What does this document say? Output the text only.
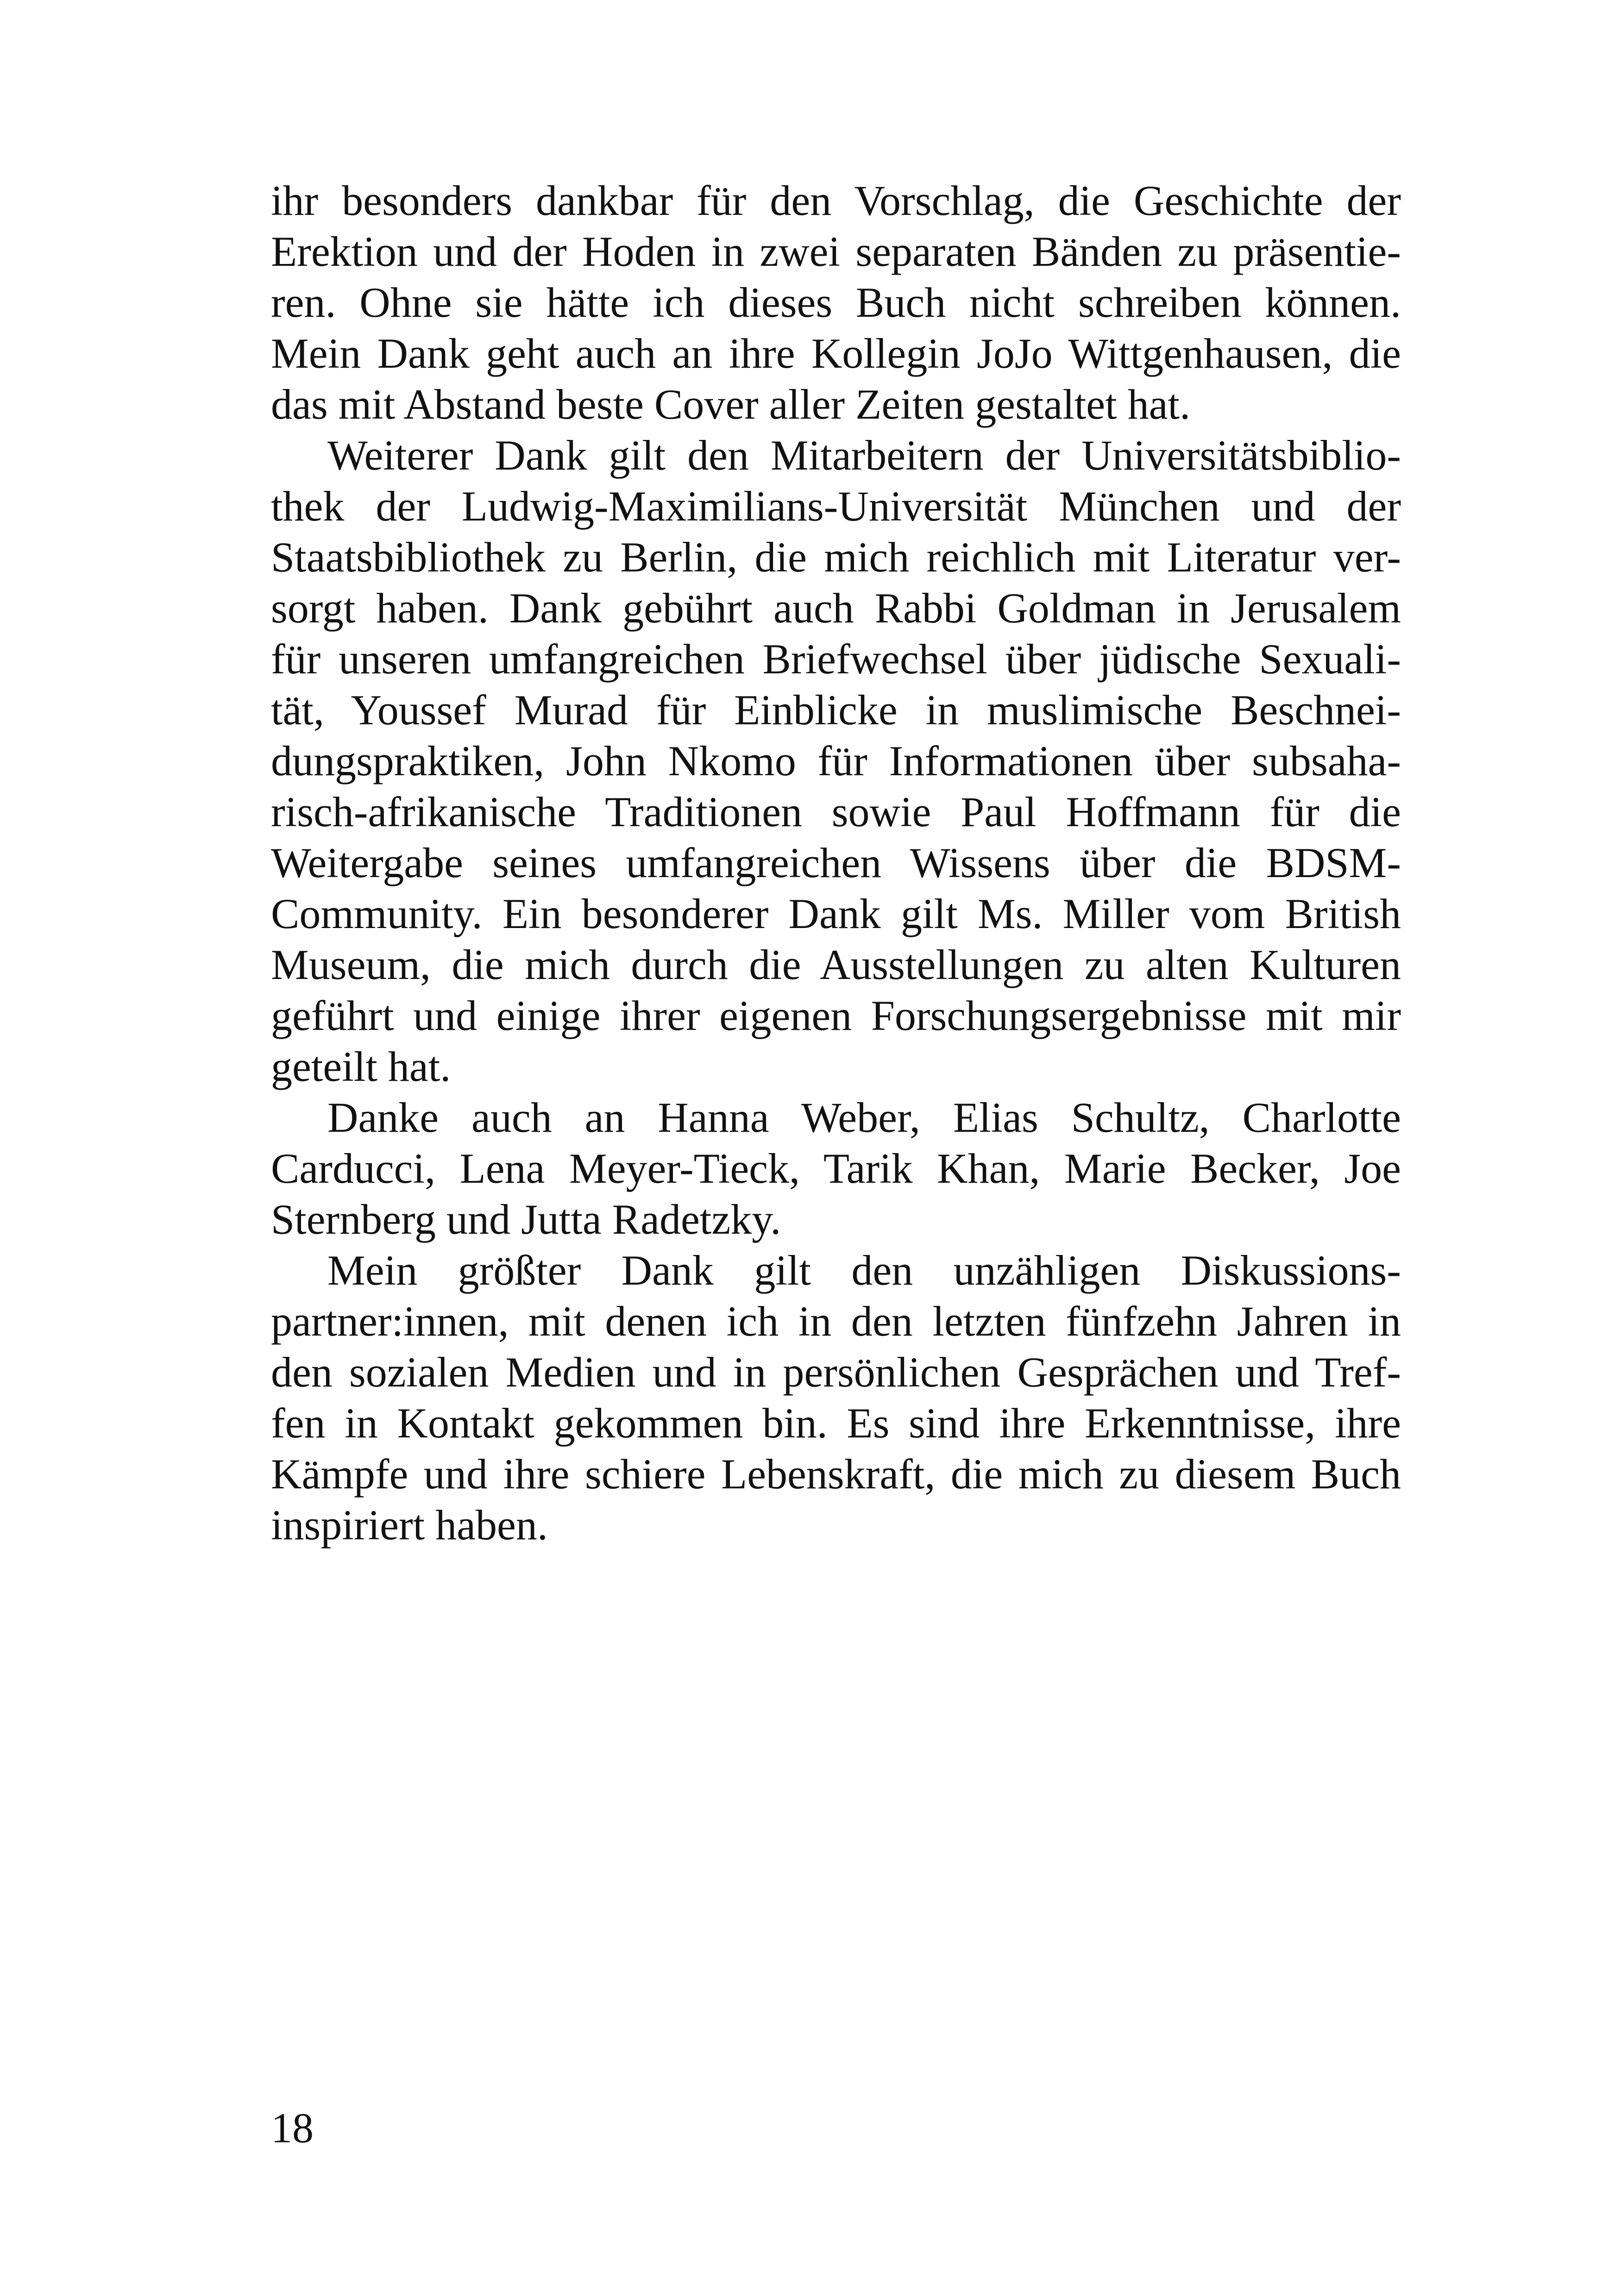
ihr besonders dankbar für den Vorschlag, die Geschichte der
Erektion und der Hoden in zwei separaten Bänden zu präsentie-
ren. Ohne sie hätte ich dieses Buch nicht schreiben können.
Mein Dank geht auch an ihre Kollegin JoJo Wittgenhausen, die
das mit Abstand beste Cover aller Zeiten gestaltet hat.
Weiterer Dank gilt den Mitarbeitern der Universitätsbiblio-
thek der Ludwig-Maximilians-Universität München und der
Staatsbibliothek zu Berlin, die mich reichlich mit Literatur ver-
sorgt haben. Dank gebührt auch Rabbi Goldman in Jerusalem
für unseren umfangreichen Briefwechsel über jüdische Sexuali-
tät, Youssef Murad für Einblicke in muslimische Beschnei-
dungspraktiken, John Nkomo für Informationen über subsaha-
risch-afrikanische Traditionen sowie Paul Hoffmann für die
Weitergabe seines umfangreichen Wissens über die BDSM-
Community. Ein besonderer Dank gilt Ms. Miller vom British
Museum, die mich durch die Ausstellungen zu alten Kulturen
geführt und einige ihrer eigenen Forschungsergebnisse mit mir
geteilt hat.
Danke auch an Hanna Weber, Elias Schultz, Charlotte
Carducci, Lena Meyer-Tieck, Tarik Khan, Marie Becker, Joe
Sternberg und Jutta Radetzky.
Mein größter Dank gilt den unzähligen Diskussions-
partner:innen, mit denen ich in den letzten fünfzehn Jahren in
den sozialen Medien und in persönlichen Gesprächen und Tref-
fen in Kontakt gekommen bin. Es sind ihre Erkenntnisse, ihre
Kämpfe und ihre schiere Lebenskraft, die mich zu diesem Buch
inspiriert haben.
18
